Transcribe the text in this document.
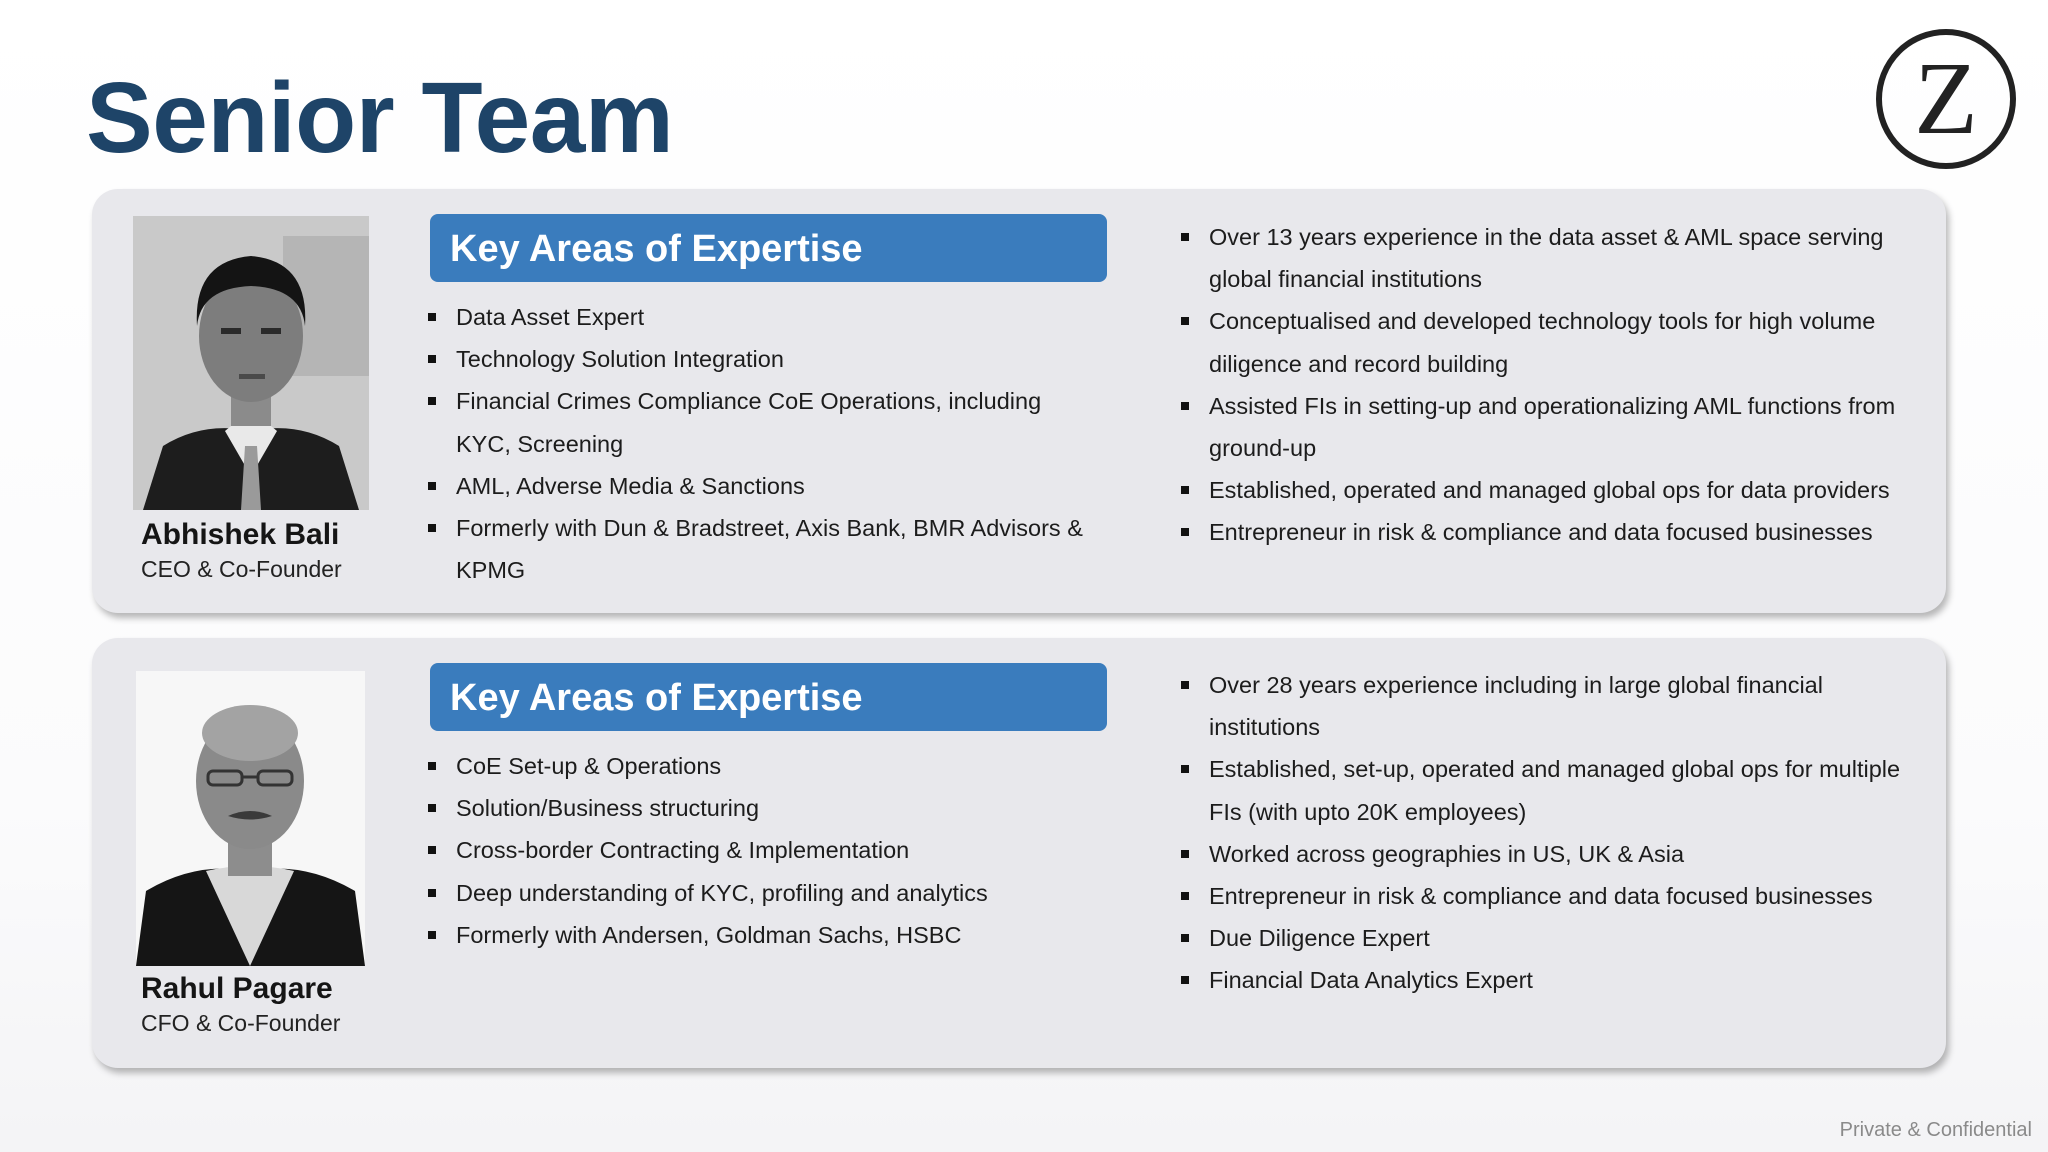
Senior Team	Z
Abhishek Bali
CEO & Co-Founder
Key Areas of Expertise
Data Asset Expert
Technology Solution Integration
Financial Crimes Compliance CoE Operations, including KYC, Screening
AML, Adverse Media & Sanctions
Formerly with Dun & Bradstreet, Axis Bank, BMR Advisors & KPMG
Over 13 years experience in the data asset & AML space serving global financial institutions
Conceptualised and developed technology tools for high volume diligence and record building
Assisted FIs in setting-up and operationalizing AML functions from ground-up
Established, operated and managed global ops for data providers
Entrepreneur in risk & compliance and data focused businesses
Rahul Pagare
CFO & Co-Founder
Key Areas of Expertise
CoE Set-up & Operations
Solution/Business structuring
Cross-border Contracting & Implementation
Deep understanding of KYC, profiling and analytics
Formerly with Andersen, Goldman Sachs, HSBC
Over 28 years experience including in large global financial institutions
Established, set-up, operated and managed global ops for multiple FIs (with upto 20K employees)
Worked across geographies in US, UK & Asia
Entrepreneur in risk & compliance and data focused businesses
Due Diligence Expert
Financial Data Analytics Expert
Private & Confidential
